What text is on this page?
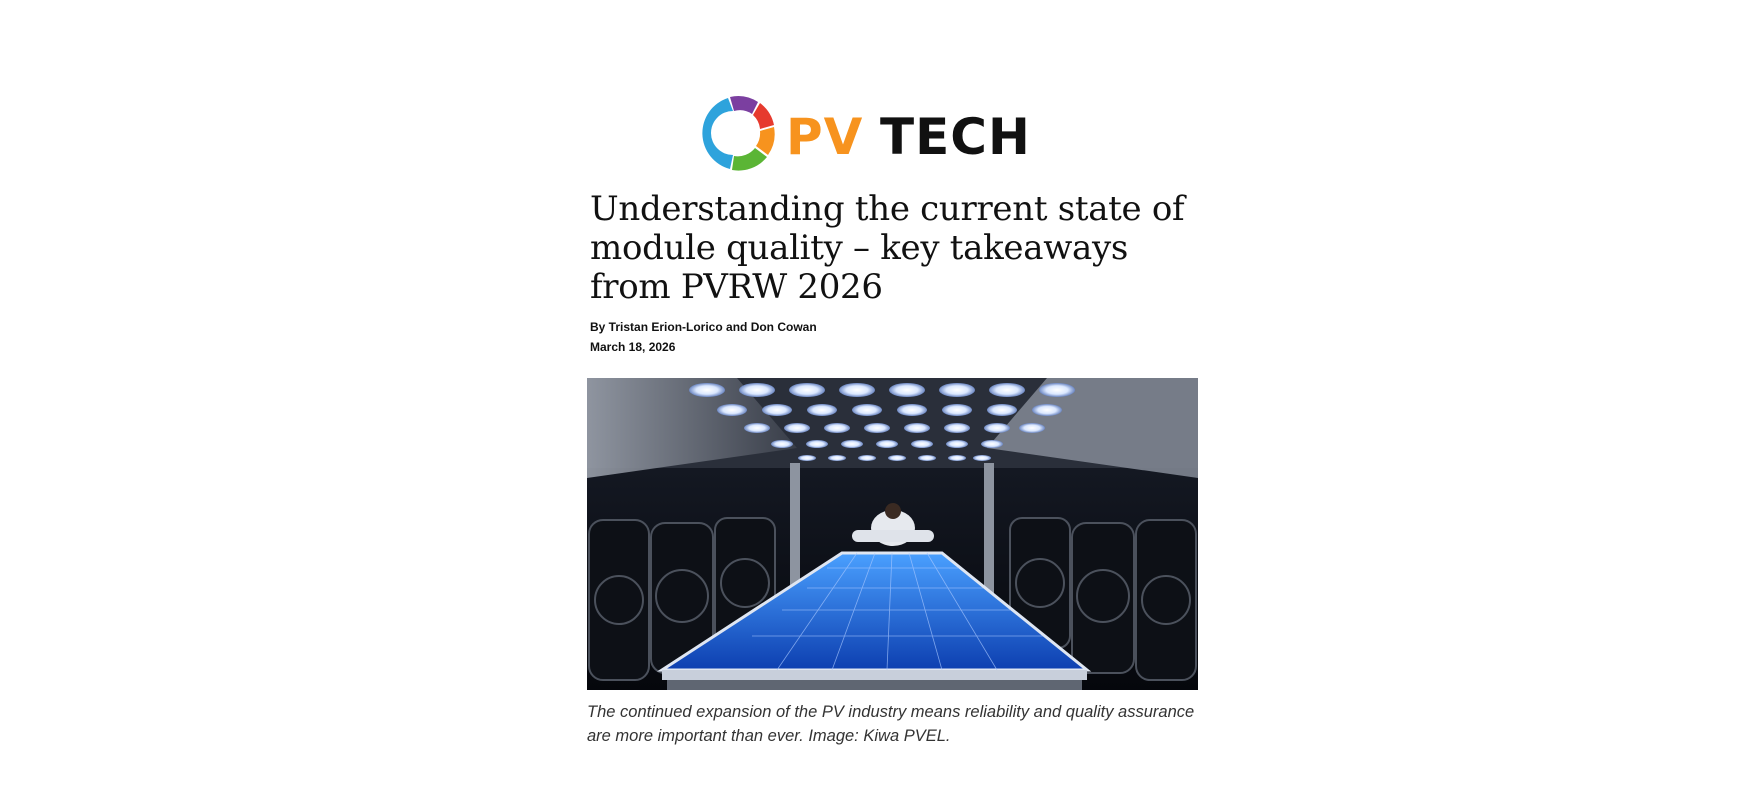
PV TECH
Understanding the current state of module quality – key takeaways from PVRW 2026
By Tristan Erion-Lorico and Don Cowan
March 18, 2026
The continued expansion of the PV industry means reliability and quality assurance are more important than ever. Image: Kiwa PVEL.
